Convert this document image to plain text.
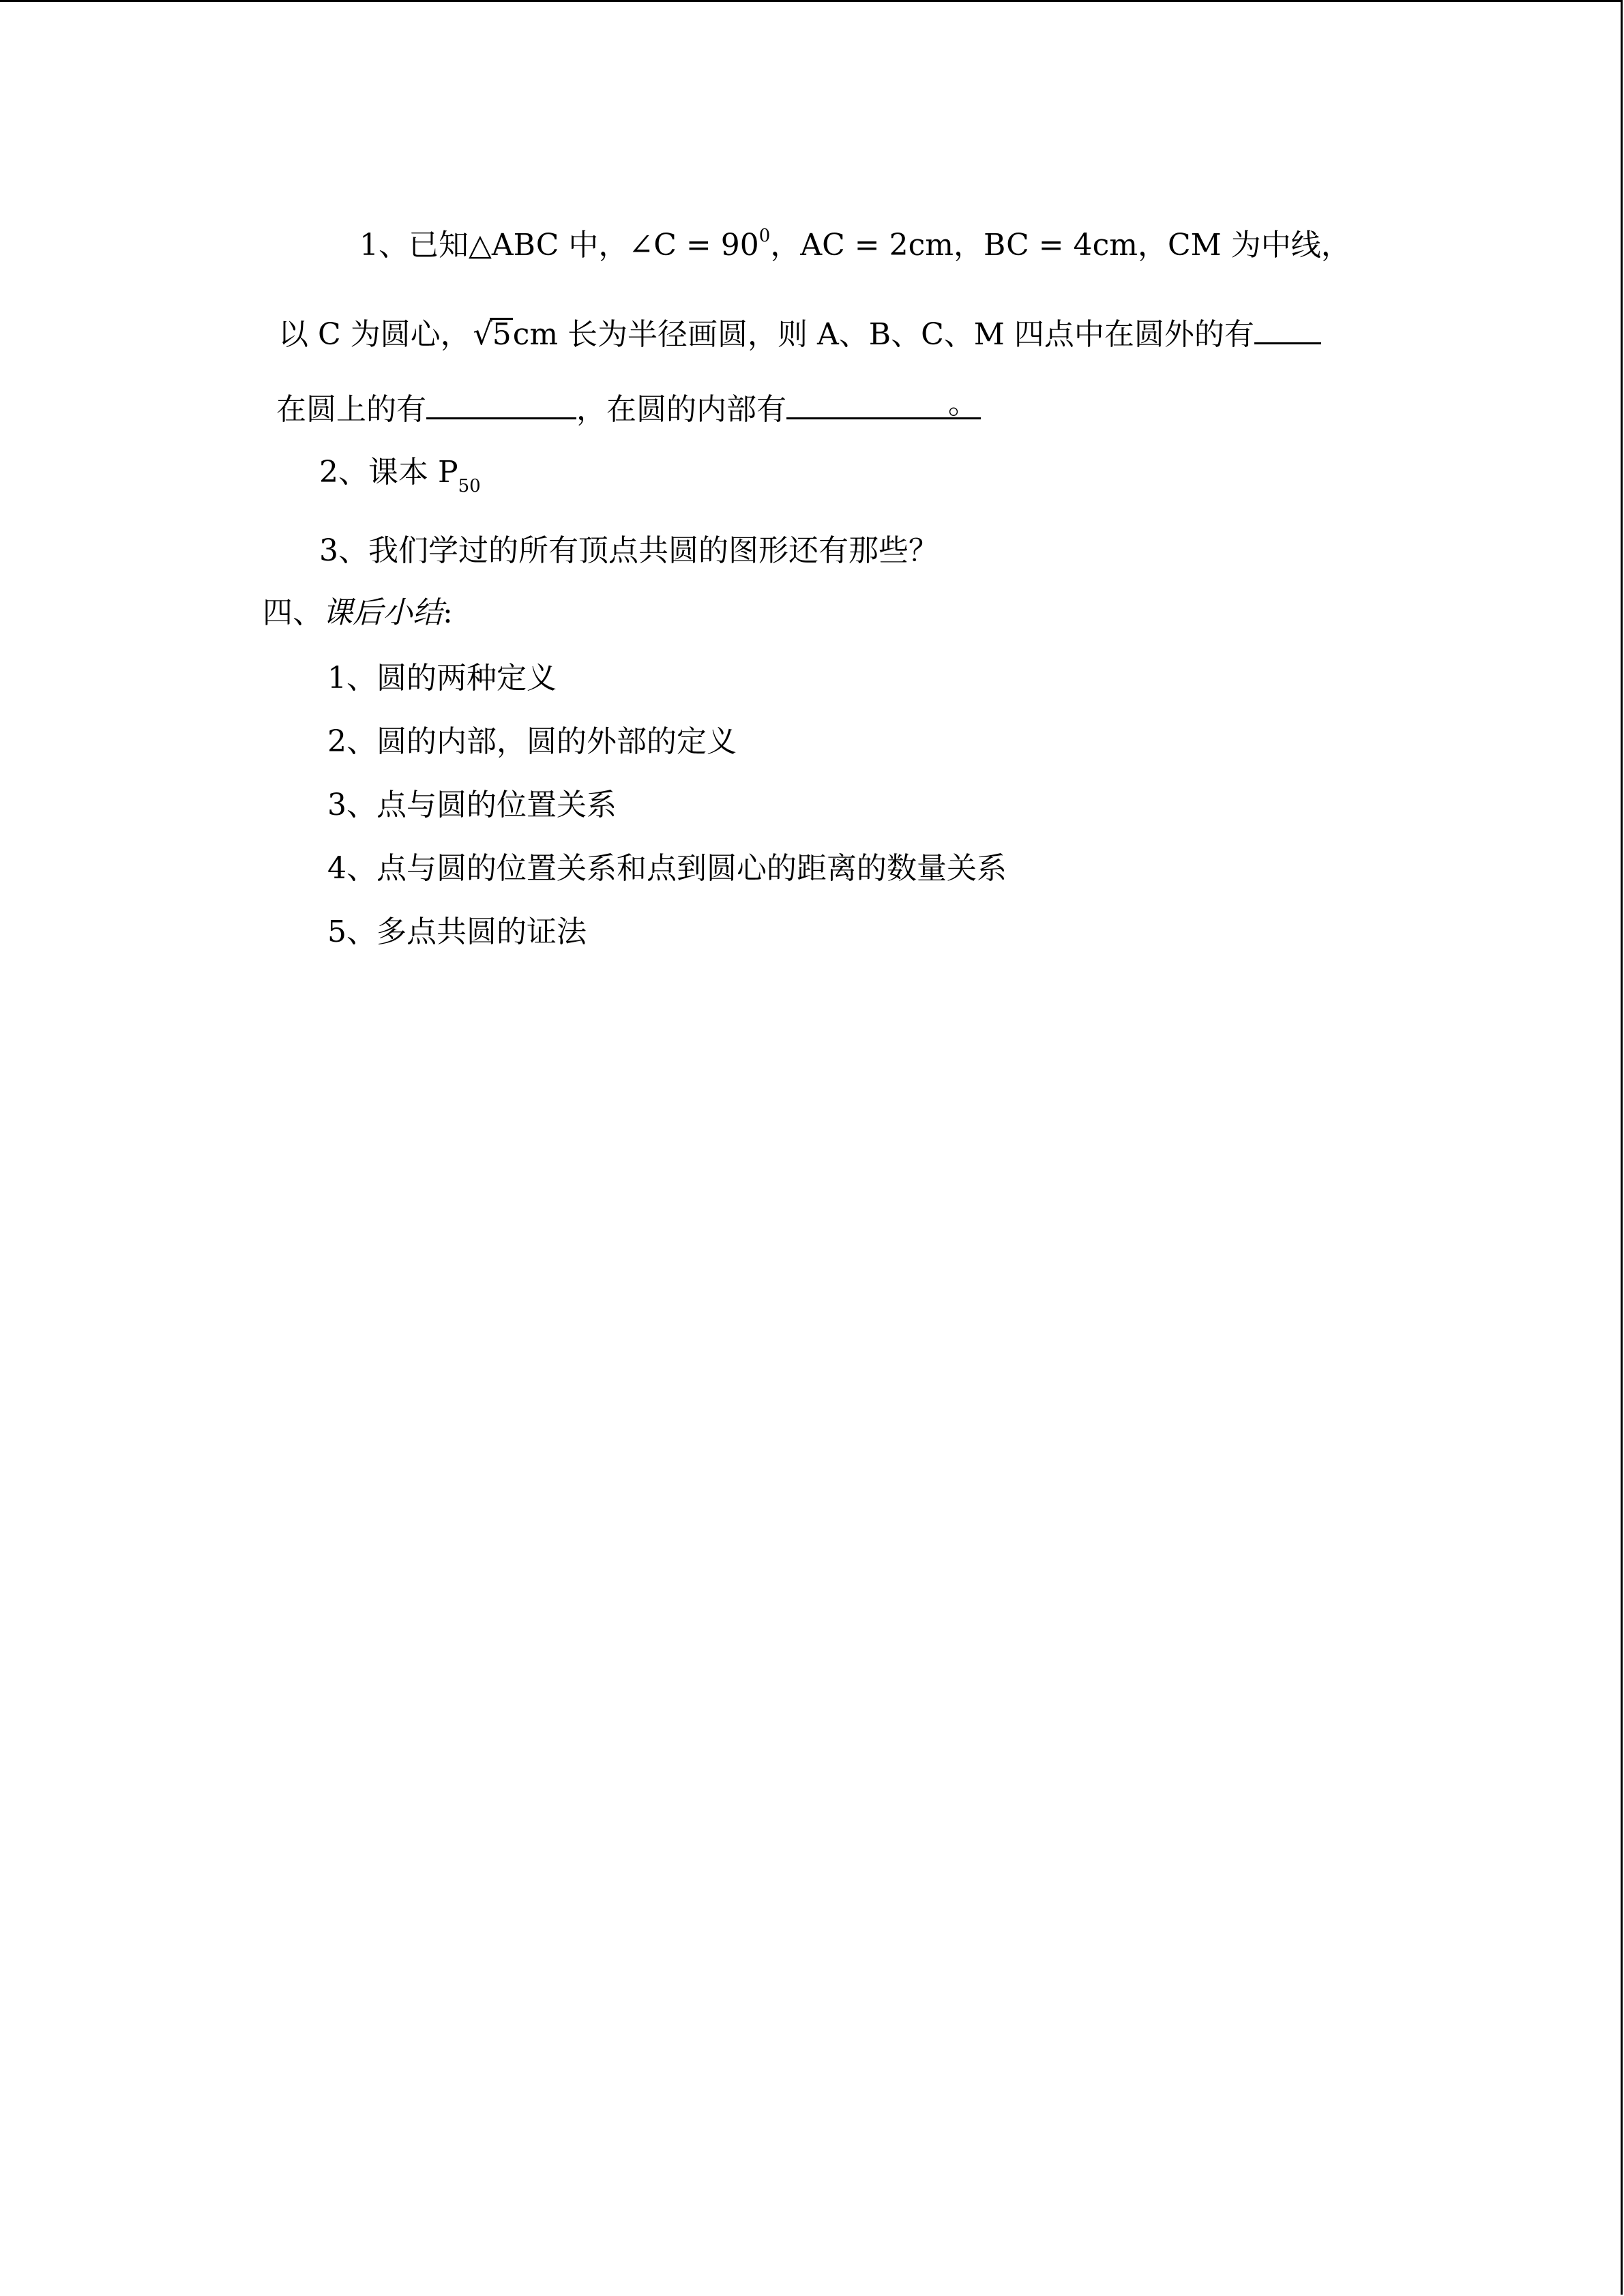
1、已知△ABC 中，∠C = $90^0$，AC = 2cm，BC = 4cm，CM 为中线，
以 C 为圆心，√5cm 长为半径画圆，则 A、B、C、M 四点中在圆外的有
在圆上的有	，在圆的内部有	。
2、课本 $P_{50}$
3、我们学过的所有顶点共圆的图形还有那些？
四、课后小结:
1、圆的两种定义
2、圆的内部，圆的外部的定义
3、点与圆的位置关系
4、点与圆的位置关系和点到圆心的距离的数量关系
5、多点共圆的证法
